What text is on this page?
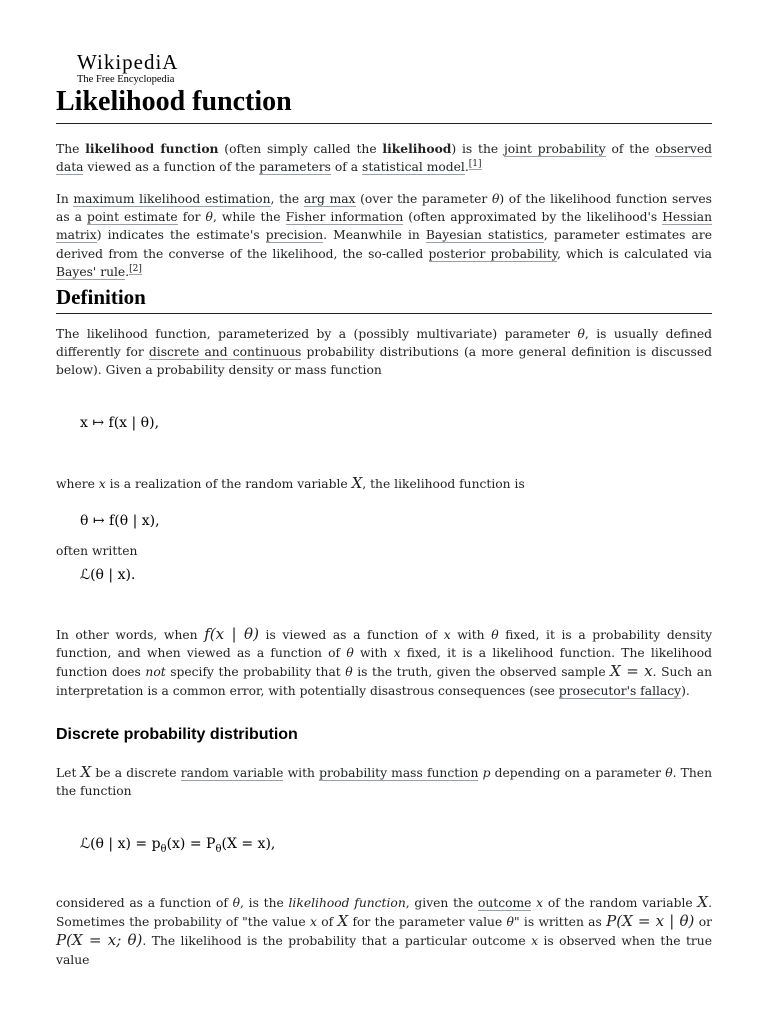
WikipediA
The Free Encyclopedia
Likelihood function

The likelihood function (often simply called the likelihood) is the joint probability of the observed data viewed as a function of the parameters of a statistical model.[1]

In maximum likelihood estimation, the arg max (over the parameter θ) of the likelihood function serves as a point estimate for θ, while the Fisher information (often approximated by the likelihood's Hessian matrix) indicates the estimate's precision. Meanwhile in Bayesian statistics, parameter estimates are derived from the converse of the likelihood, the so-called posterior probability, which is calculated via Bayes' rule.[2]

Definition

The likelihood function, parameterized by a (possibly multivariate) parameter θ, is usually defined differently for discrete and continuous probability distributions (a more general definition is discussed below). Given a probability density or mass function

x ↦ f(x | θ),

where x is a realization of the random variable X, the likelihood function is

θ ↦ f(θ | x),

often written

ℒ(θ | x).

In other words, when f(x | θ) is viewed as a function of x with θ fixed, it is a probability density function, and when viewed as a function of θ with x fixed, it is a likelihood function. The likelihood function does not specify the probability that θ is the truth, given the observed sample X = x. Such an interpretation is a common error, with potentially disastrous consequences (see prosecutor's fallacy).

Discrete probability distribution

Let X be a discrete random variable with probability mass function p depending on a parameter θ. Then the function

ℒ(θ | $x) = p_\theta(x) = P_\theta(X = x)$,

considered as a function of θ, is the likelihood function, given the outcome x of the random variable X. Sometimes the probability of "the value x of X for the parameter value θ" is written as P(X = x | θ) or P(X = x; θ). The likelihood is the probability that a particular outcome x is observed when the true value
